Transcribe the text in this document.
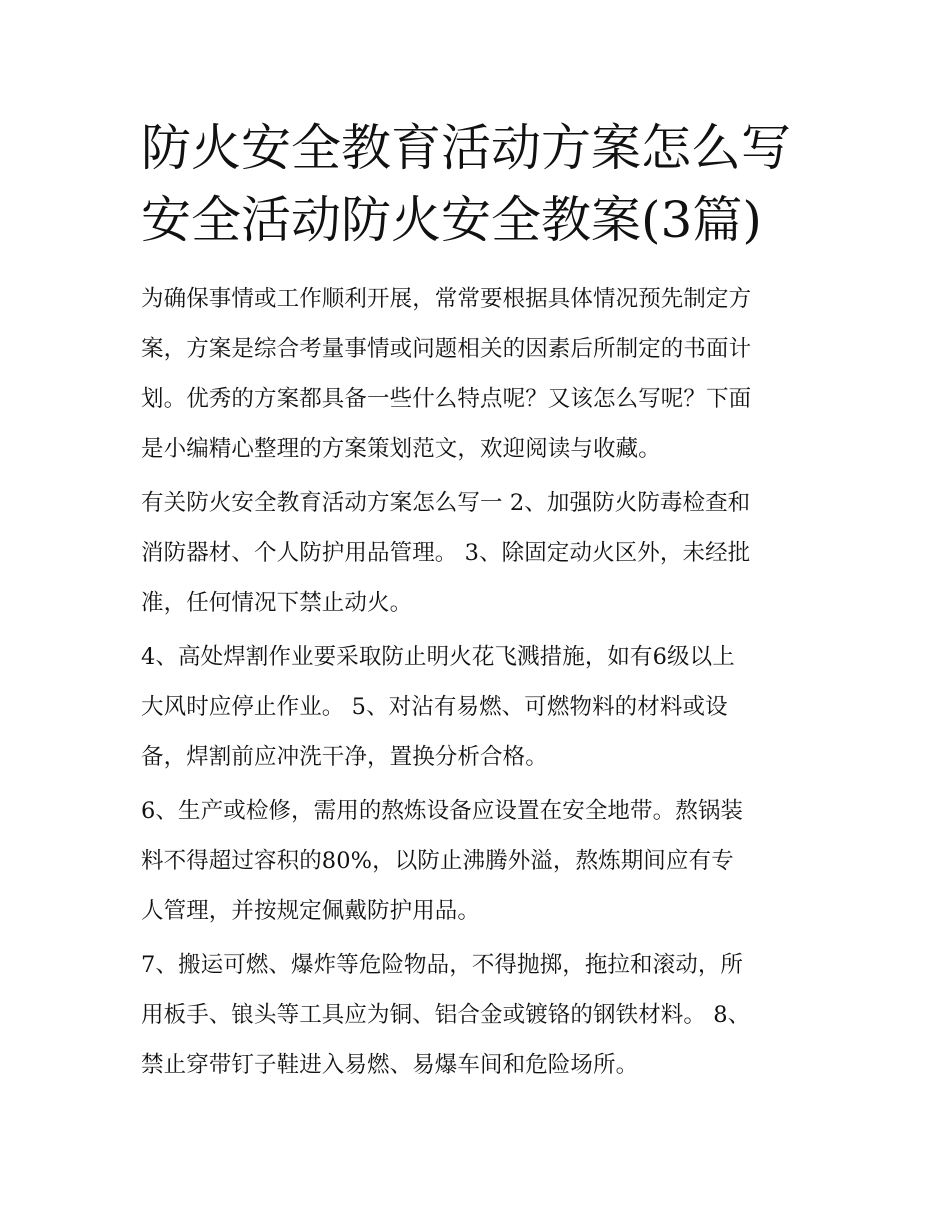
防火安全教育活动方案怎么写
安全活动防火安全教案(3篇)

为确保事情或工作顺利开展，常常要根据具体情况预先制定方
案，方案是综合考量事情或问题相关的因素后所制定的书面计
划。优秀的方案都具备一些什么特点呢？又该怎么写呢？下面
是小编精心整理的方案策划范文，欢迎阅读与收藏。

有关防火安全教育活动方案怎么写一 2、加强防火防毒检查和
消防器材、个人防护用品管理。 3、除固定动火区外，未经批
准，任何情况下禁止动火。

4、高处焊割作业要采取防止明火花飞溅措施，如有6级以上
大风时应停止作业。 5、对沾有易燃、可燃物料的材料或设
备，焊割前应冲洗干净，置换分析合格。

6、生产或检修，需用的熬炼设备应设置在安全地带。熬锅装
料不得超过容积的80%，以防止沸腾外溢，熬炼期间应有专
人管理，并按规定佩戴防护用品。

7、搬运可燃、爆炸等危险物品，不得抛掷，拖拉和滚动，所
用板手、锒头等工具应为铜、铝合金或镀铬的钢铁材料。 8、
禁止穿带钉子鞋进入易燃、易爆车间和危险场所。
